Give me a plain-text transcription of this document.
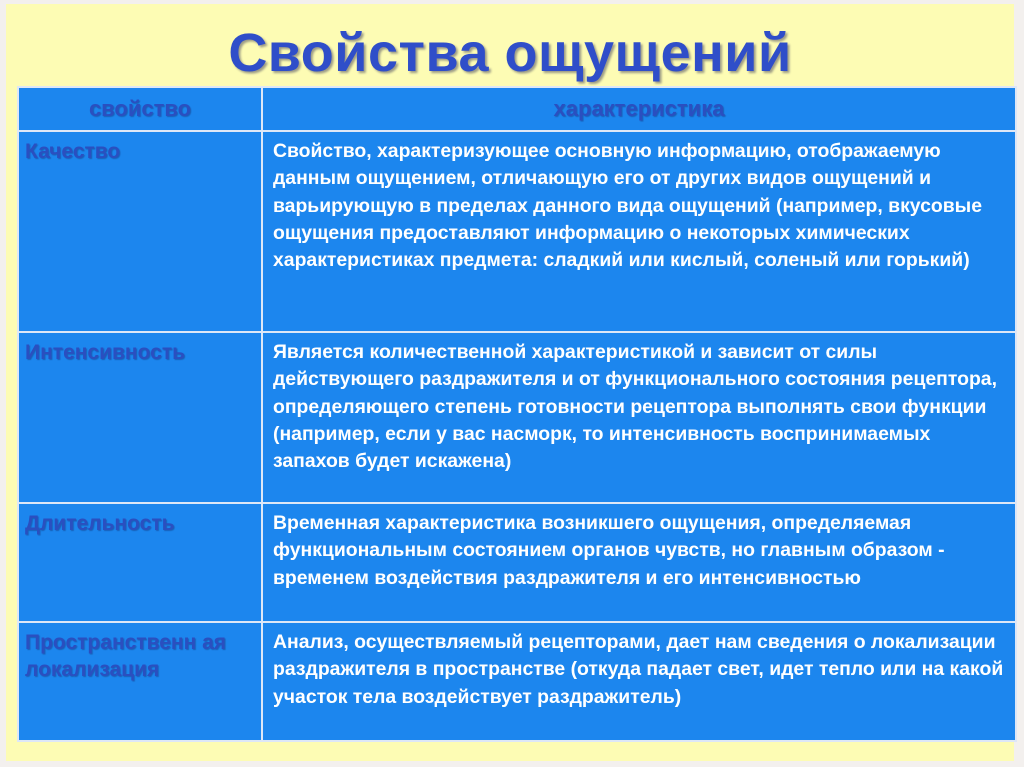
Свойства ощущений
свойство	характеристика
Качество	Свойство, характеризующее основную информацию, отображаемую данным ощущением, отличающую его от других видов ощущений и варьирующую в пределах данного вида ощущений (например, вкусовые ощущения предоставляют информацию о некоторых химических характеристиках предмета: сладкий или кислый, соленый или горький)
Интенсивность	Является количественной характеристикой и зависит от силы действующего раздражителя и от функционального состояния рецептора, определяющего степень готовности рецептора выполнять свои функции (например, если у вас насморк, то интенсивность воспринимаемых запахов будет искажена)
Длительность	Временная характеристика возникшего ощущения, определяемая функциональным состоянием органов чувств, но главным образом - временем воздействия раздражителя и его интенсивностью
Пространственн ая локализация	Анализ, осуществляемый рецепторами, дает нам сведения о локализации раздражителя в пространстве (откуда падает свет, идет тепло или на какой участок тела воздействует раздражитель)
